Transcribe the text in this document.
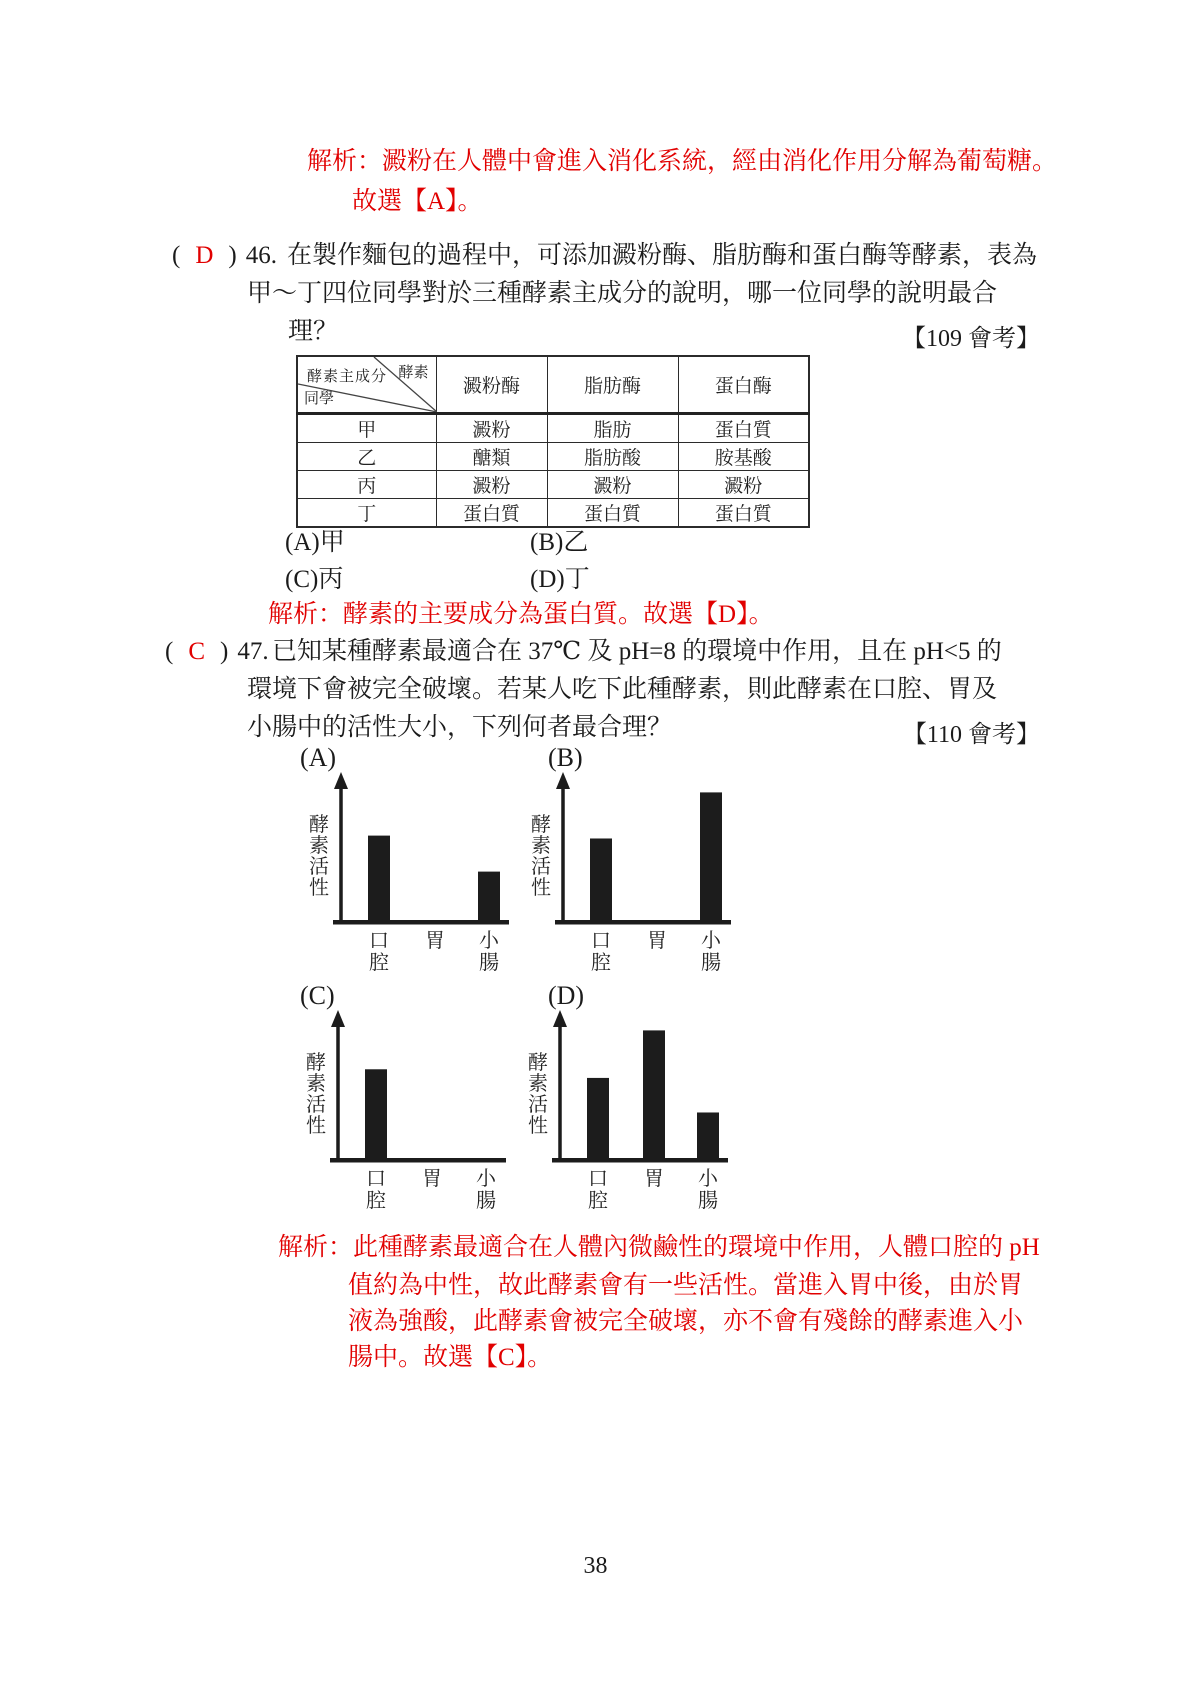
解析：澱粉在人體中會進入消化系統，經由消化作用分解為葡萄糖。
故選【A】。
( D ) 46. 在製作麵包的過程中，可添加澱粉酶、脂肪酶和蛋白酶等酵素，表為
甲～丁四位同學對於三種酵素主成分的說明，哪一位同學的說明最合
理？	【109 會考】
酵素主成分 酵素
同學	澱粉酶	脂肪酶	蛋白酶
甲	澱粉	脂肪	蛋白質
乙	醣類	脂肪酸	胺基酸
丙	澱粉	澱粉	澱粉
丁	蛋白質	蛋白質	蛋白質
(A)甲	(B)乙
(C)丙	(D)丁
解析：酵素的主要成分為蛋白質。故選【D】。
( C ) 47. 已知某種酵素最適合在 37℃ 及 pH=8 的環境中作用，且在 pH<5 的
環境下會被完全破壞。若某人吃下此種酵素，則此酵素在口腔、胃及
小腸中的活性大小，下列何者最合理？	【110 會考】
(A)
酵
素
活
性
口
腔
胃 小
腸
(B)
酵
素
活
性
口
腔
胃 小
腸
(C)
酵
素
活
性
口
腔
胃 小
腸
(D)
酵
素
活
性
口
腔
胃 小
腸
解析：此種酵素最適合在人體內微鹼性的環境中作用，人體口腔的 pH
值約為中性，故此酵素會有一些活性。當進入胃中後，由於胃
液為強酸，此酵素會被完全破壞，亦不會有殘餘的酵素進入小
腸中。故選【C】。
38
